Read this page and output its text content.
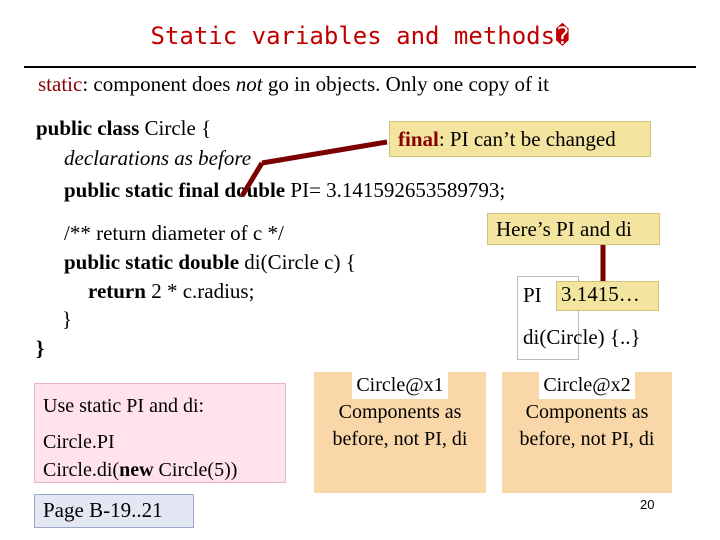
Static variables and methods�
static: component does not go in objects. Only one copy of it
public class Circle {
declarations as before
public static final double PI= 3.141592653589793;
/** return diameter of c */
public static double di(Circle c) {
return 2 * c.radius;
}
}
final: PI can’t be changed
Here’s PI and di
PI 3.1415…
di(Circle) {..}
Use static PI and di:
Circle.PI
Circle.di(new Circle(5))
Page B-19..21
Circle@x1
Components as
before, not PI, di
Circle@x2
Components as
before, not PI, di
20
